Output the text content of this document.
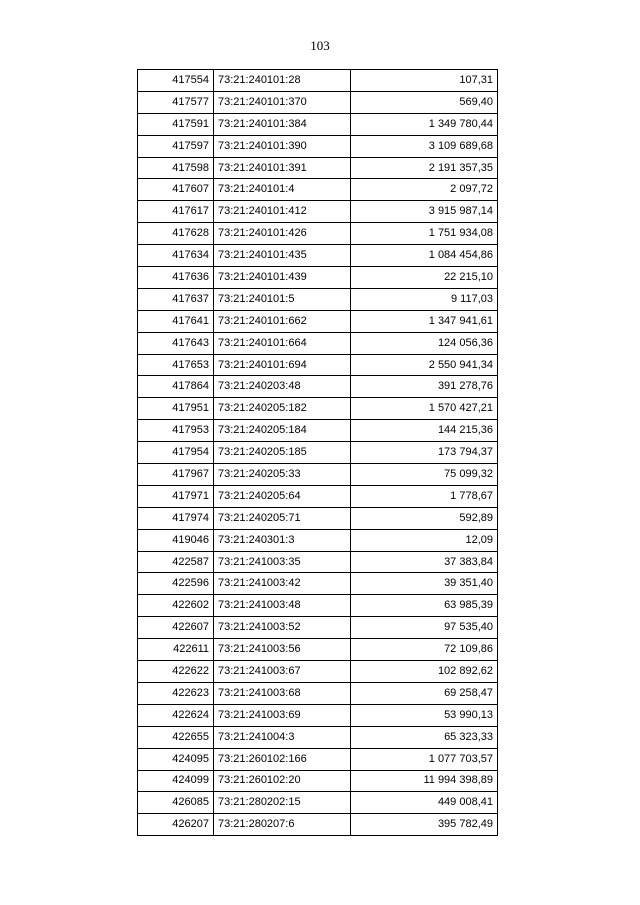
103
417554	73:21:240101:28	107,31
417577	73:21:240101:370	569,40
417591	73:21:240101:384	1 349 780,44
417597	73:21:240101:390	3 109 689,68
417598	73:21:240101:391	2 191 357,35
417607	73:21:240101:4	2 097,72
417617	73:21:240101:412	3 915 987,14
417628	73:21:240101:426	1 751 934,08
417634	73:21:240101:435	1 084 454,86
417636	73:21:240101:439	22 215,10
417637	73:21:240101:5	9 117,03
417641	73:21:240101:662	1 347 941,61
417643	73:21:240101:664	124 056,36
417653	73:21:240101:694	2 550 941,34
417864	73:21:240203:48	391 278,76
417951	73:21:240205:182	1 570 427,21
417953	73:21:240205:184	144 215,36
417954	73:21:240205:185	173 794,37
417967	73:21:240205:33	75 099,32
417971	73:21:240205:64	1 778,67
417974	73:21:240205:71	592,89
419046	73:21:240301:3	12,09
422587	73:21:241003:35	37 383,84
422596	73:21:241003:42	39 351,40
422602	73:21:241003:48	63 985,39
422607	73:21:241003:52	97 535,40
422611	73:21:241003:56	72 109,86
422622	73:21:241003:67	102 892,62
422623	73:21:241003:68	69 258,47
422624	73:21:241003:69	53 990,13
422655	73:21:241004:3	65 323,33
424095	73:21:260102:166	1 077 703,57
424099	73:21:260102:20	11 994 398,89
426085	73:21:280202:15	449 008,41
426207	73:21:280207:6	395 782,49
